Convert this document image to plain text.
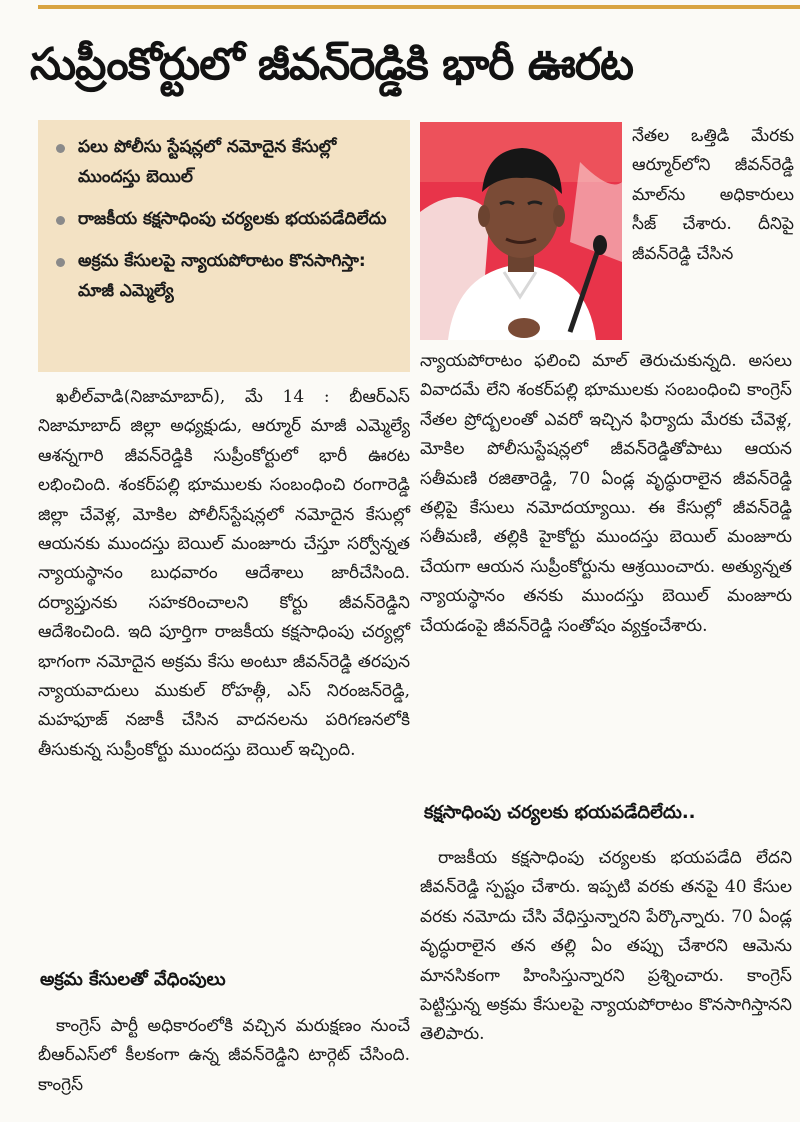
సుప్రీంకోర్టులో జీవన్‌రెడ్డికి భారీ ఊరట
పలు పోలీసు స్టేషన్లలో నమోదైన కేసుల్లో ముందస్తు బెయిల్
రాజకీయ కక్షసాధింపు చర్యలకు భయపడేదిలేదు
అక్రమ కేసులపై న్యాయపోరాటం కొనసాగిస్తా: మాజీ ఎమ్మెల్యే

నేతల ఒత్తిడి మేరకు ఆర్మూర్‌లోని జీవన్‌రెడ్డి మాల్‌ను అధికారులు సీజ్ చేశారు. దీనిపై జీవన్‌రెడ్డి చేసిన

న్యాయపోరాటం ఫలించి మాల్ తెరుచుకున్నది. అసలు వివాదమే లేని శంకర్‌పల్లి భూములకు సంబంధించి కాంగ్రెస్ నేతల ప్రోద్బలంతో ఎవరో ఇచ్చిన ఫిర్యాదు మేరకు చేవెళ్ల, మోకిల పోలీసుస్టేషన్లలో జీవన్‌రెడ్డితోపాటు ఆయన సతీమణి రజితారెడ్డి, 70 ఏండ్ల వృద్ధురాలైన జీవన్‌రెడ్డి తల్లిపై కేసులు నమోదయ్యాయి. ఈ కేసుల్లో జీవన్‌రెడ్డి సతీమణి, తల్లికి హైకోర్టు ముందస్తు బెయిల్ మంజూరు చేయగా ఆయన సుప్రీంకోర్టును ఆశ్రయించారు. అత్యున్నత న్యాయస్థానం తనకు ముందస్తు బెయిల్ మంజూరు చేయడంపై జీవన్‌రెడ్డి సంతోషం వ్యక్తంచేశారు.

ఖలీల్‌వాడి(నిజామాబాద్), మే 14 : బీఆర్‌ఎస్ నిజామాబాద్ జిల్లా అధ్యక్షుడు, ఆర్మూర్ మాజీ ఎమ్మెల్యే ఆశన్నగారి జీవన్‌రెడ్డికి సుప్రీంకోర్టులో భారీ ఊరట లభించింది. శంకర్‌పల్లి భూములకు సంబంధించి రంగారెడ్డి జిల్లా చేవెళ్ల, మోకిల పోలీస్‌స్టేషన్లలో నమోదైన కేసుల్లో ఆయనకు ముందస్తు బెయిల్ మంజూరు చేస్తూ సర్వోన్నత న్యాయస్థానం బుధవారం ఆదేశాలు జారీచేసింది. దర్యాప్తునకు సహకరించాలని కోర్టు జీవన్‌రెడ్డిని ఆదేశించింది. ఇది పూర్తిగా రాజకీయ కక్షసాధింపు చర్యల్లో భాగంగా నమోదైన అక్రమ కేసు అంటూ జీవన్‌రెడ్డి తరపున న్యాయవాదులు ముకుల్ రోహత్గీ, ఎస్ నిరంజన్‌రెడ్డి, మహఫూజ్ నజాకీ చేసిన వాదనలను పరిగణనలోకి తీసుకున్న సుప్రీంకోర్టు ముందస్తు బెయిల్ ఇచ్చింది.

అక్రమ కేసులతో వేధింపులు

కాంగ్రెస్ పార్టీ అధికారంలోకి వచ్చిన మరుక్షణం నుంచే బీఆర్‌ఎస్‌లో కీలకంగా ఉన్న జీవన్‌రెడ్డిని టార్గెట్ చేసింది. కాంగ్రెస్

కక్షసాధింపు చర్యలకు భయపడేదిలేదు..

రాజకీయ కక్షసాధింపు చర్యలకు భయపడేది లేదని జీవన్‌రెడ్డి స్పష్టం చేశారు. ఇప్పటి వరకు తనపై 40 కేసుల వరకు నమోదు చేసి వేధిస్తున్నారని పేర్కొన్నారు. 70 ఏండ్ల వృద్ధురాలైన తన తల్లి ఏం తప్పు చేశారని ఆమెను మానసికంగా హింసిస్తున్నారని ప్రశ్నించారు. కాంగ్రెస్ పెట్టిస్తున్న అక్రమ కేసులపై న్యాయపోరాటం కొనసాగిస్తానని తెలిపారు.
